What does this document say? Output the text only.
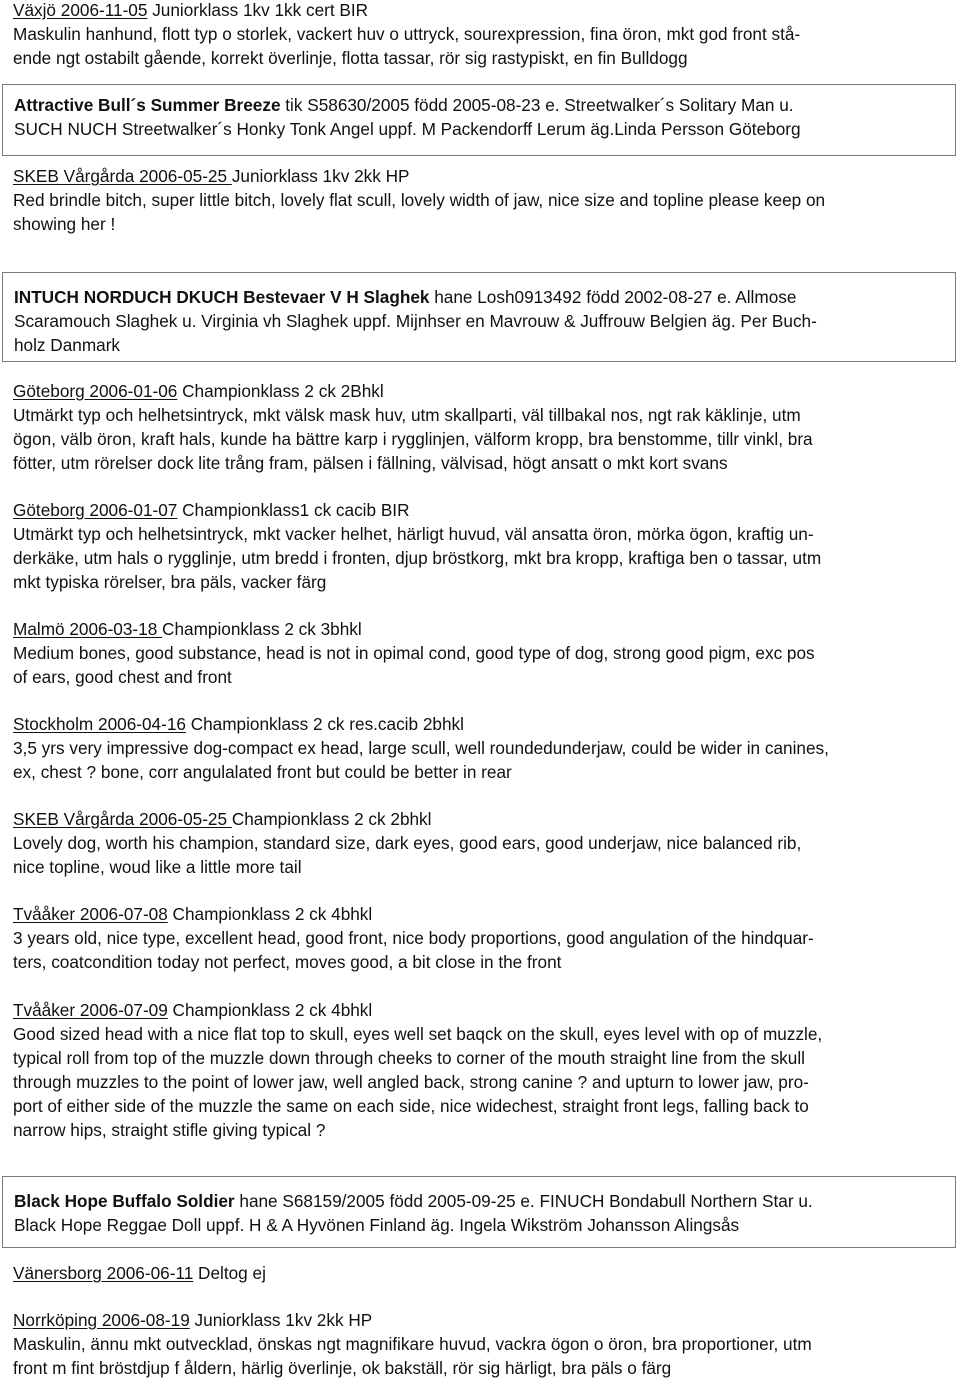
Växjö 2006-11-05 Juniorklass 1kv 1kk cert BIR
Maskulin hanhund, flott typ o storlek, vackert huv o uttryck, sourexpression, fina öron, mkt god front stå-
ende ngt ostabilt gående, korrekt överlinje, flotta tassar, rör sig rastypiskt, en fin Bulldogg
Attractive Bull´s Summer Breeze tik S58630/2005 född 2005-08-23 e. Streetwalker´s Solitary Man u.
SUCH NUCH Streetwalker´s Honky Tonk Angel uppf. M Packendorff Lerum äg.Linda Persson Göteborg
SKEB Vårgårda 2006-05-25 Juniorklass 1kv 2kk HP
Red brindle bitch, super little bitch, lovely flat scull, lovely width of jaw, nice size and topline please keep on
showing her !
INTUCH NORDUCH DKUCH Bestevaer V H Slaghek hane Losh0913492 född 2002-08-27 e. Allmose
Scaramouch Slaghek u. Virginia vh Slaghek uppf. Mijnhser en Mavrouw & Juffrouw Belgien äg. Per Buch-
holz Danmark
Göteborg 2006-01-06 Championklass 2 ck 2Bhkl
Utmärkt typ och helhetsintryck, mkt välsk mask huv, utm skallparti, väl tillbakal nos, ngt rak käklinje, utm
ögon, välb öron, kraft hals, kunde ha bättre karp i rygglinjen, välform kropp, bra benstomme, tillr vinkl, bra
fötter, utm rörelser dock lite trång fram, pälsen i fällning, välvisad, högt ansatt o mkt kort svans
Göteborg 2006-01-07 Championklass1 ck cacib BIR
Utmärkt typ och helhetsintryck, mkt vacker helhet, härligt huvud, väl ansatta öron, mörka ögon, kraftig un-
derkäke, utm hals o rygglinje, utm bredd i fronten, djup bröstkorg, mkt bra kropp, kraftiga ben o tassar, utm
mkt typiska rörelser, bra päls, vacker färg
Malmö 2006-03-18 Championklass 2 ck 3bhkl
Medium bones, good substance, head is not in opimal cond, good type of dog, strong good pigm, exc pos
of ears, good chest and front
Stockholm 2006-04-16 Championklass 2 ck res.cacib 2bhkl
3,5 yrs very impressive dog-compact ex head, large scull, well roundedunderjaw, could be wider in canines,
ex, chest ? bone, corr angulalated front but could be better in rear
SKEB Vårgårda 2006-05-25 Championklass 2 ck 2bhkl
Lovely dog, worth his champion, standard size, dark eyes, good ears, good underjaw, nice balanced rib,
nice topline, woud like a little more tail
Tvååker 2006-07-08 Championklass 2 ck 4bhkl
3 years old, nice type, excellent head, good front, nice body proportions, good angulation of the hindquar-
ters, coatcondition today not perfect, moves good, a bit close in the front
Tvååker 2006-07-09 Championklass 2 ck 4bhkl
Good sized head with a nice flat top to skull, eyes well set baqck on the skull, eyes level with op of muzzle,
typical roll from top of the muzzle down through cheeks to corner of the mouth straight line from the skull
through muzzles to the point of lower jaw, well angled back, strong canine ? and upturn to lower jaw, pro-
port of either side of the muzzle the same on each side, nice widechest, straight front legs, falling back to
narrow hips, straight stifle giving typical ?
Black Hope Buffalo Soldier hane S68159/2005 född 2005-09-25 e. FINUCH Bondabull Northern Star u.
Black Hope Reggae Doll uppf. H & A Hyvönen Finland äg. Ingela Wikström Johansson Alingsås
Vänersborg 2006-06-11 Deltog ej
Norrköping 2006-08-19 Juniorklass 1kv 2kk HP
Maskulin, ännu mkt outvecklad, önskas ngt magnifikare huvud, vackra ögon o öron, bra proportioner, utm
front m fint bröstdjup f åldern, härlig överlinje, ok bakställ, rör sig härligt, bra päls o färg
